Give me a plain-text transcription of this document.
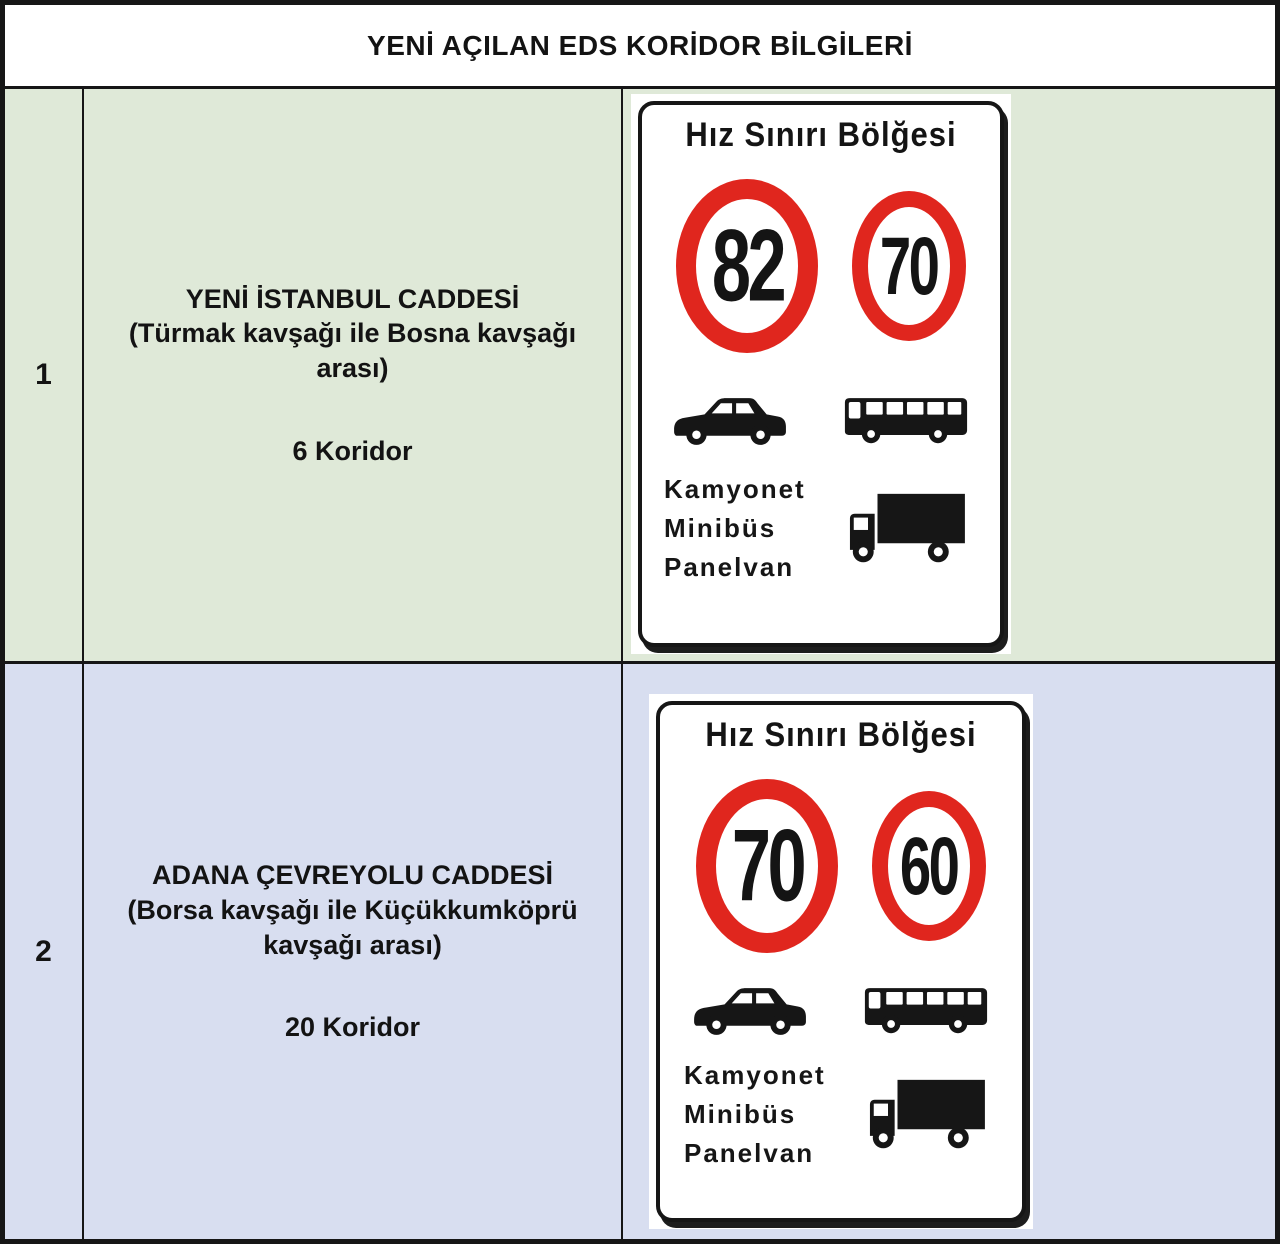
YENİ AÇILAN EDS KORİDOR BİLGİLERİ
1
YENİ İSTANBUL CADDESİ
(Türmak kavşağı ile Bosna kavşağı arası)
6 Koridor
Hız Sınırı Bölğesi
82 70
Kamyonet
Minibüs
Panelvan
2
ADANA ÇEVREYOLU CADDESİ
(Borsa kavşağı ile Küçükkumköprü kavşağı arası)
20 Koridor
Hız Sınırı Bölğesi
70 60
Kamyonet
Minibüs
Panelvan
